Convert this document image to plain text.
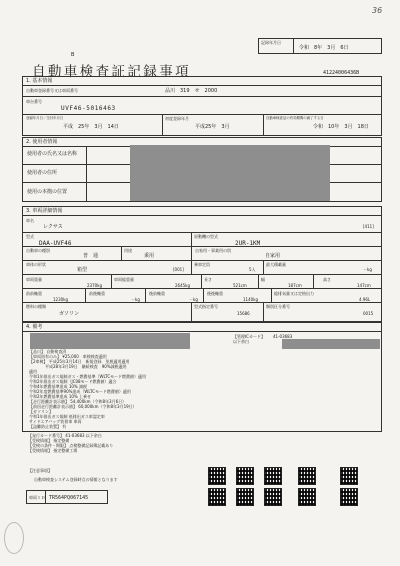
36
記録年月日
令和　8年　3月　6日
B
自動車検査証記録事項	41224006436B
1. 基本情報
自動車登録番号又は車両番号	品川　319　せ　2000
車台番号
UVF46-5016463
登録年月日／交付年月日
平成　25年　3月　14日
初度登録年月
平成25年　3月
自動車検査証の有効期間の満了する日
令和　10年　3月　18日
2. 使用者情報
使用者の氏名又は名称
使用者の住所
使用の本拠の位置
3. 車両詳細情報
車名
レクサス	[411]
型式
DAA-UVF46
原動機の型式
2UR-1KM
自動車の種別
普　通
用途
乗用
自家用・事業用の別
自家用
車体の形状
箱型	[001]
乗車定員
5人
最大積載量
－kg
車両重量
2370kg
車両総重量
2645kg
長さ
521cm
幅
187cm
高さ
147cm
前前軸重
1230kg
前後軸重
－kg
後前軸重
－kg
後後軸重
1140kg
総排気量又は定格出力
4.96L
燃料の種類
ガソリン
型式指定番号
15686
類別区分番号
0015
4. 備考
【管理ICカード】 41-03683
以下余白
【品川】 自動検査済
【車両固有のみ】 ¥25,000　車検検査適用
【2車検】 平成25年3月14日　新規登録　免税適用適用
　　　　平成28年3月19日　継続検査　90%減税適用
適用
令和1年排出ガス規制ガス・燃費基準（WLTCモード燃費値）適用
令和2年排出ガス規制（JC08モード燃費値）適合
令和4年燃費基準達成 10% 減税
令和2年度燃費基準90%達成（WLTCモード燃費値）適用
令和2年燃費基準達成 10% 上乗せ
【走行距離計表示値】 54,400km（令和8年3月6日）
【前回走行距離計表示値】 60,000km（令和8年3月19日）
【ガソリン】
令和1年排出ガス規制 低排出ガス車認定車
サイドエアバッグ装着車 車両
【盗難防止装置】 有
【発行カード番号】 41-03683 以下余白
【受検情報】 指定整備
【受検の条件・期限】 点検整備記録簿記載あり
【受検情報】 指定整備工場
【注意事項】
自動車検査システム登録時点の情報となります
車両ＩＤ TR564PQ067145
